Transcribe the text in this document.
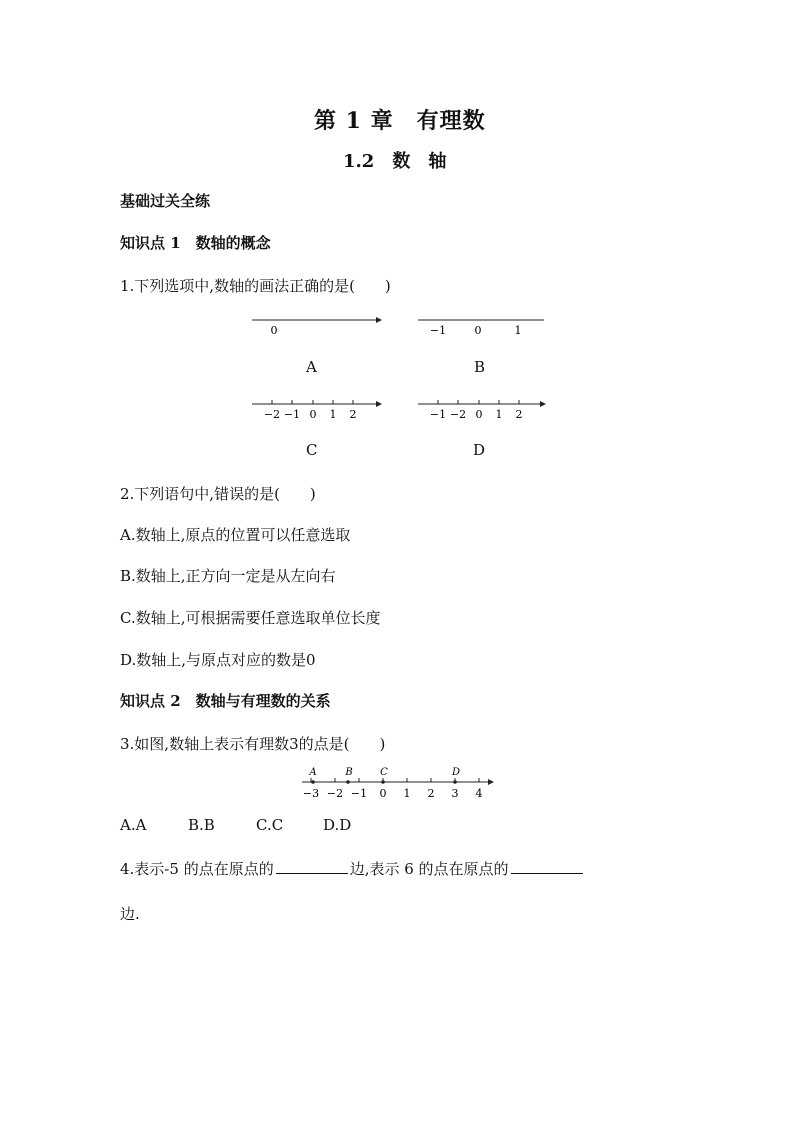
第 1 章　有理数
1.2　数　轴
基础过关全练
知识点 1　数轴的概念
1.下列选项中,数轴的画法正确的是(　　)
0	−1	0	1
−2 −1 0 1 2	−1 −2 0 1 2
A	B
C	D
2.下列语句中,错误的是(　　)
A.数轴上,原点的位置可以任意选取
B.数轴上,正方向一定是从左向右
C.数轴上,可根据需要任意选取单位长度
D.数轴上,与原点对应的数是0
知识点 2　数轴与有理数的关系
3.如图,数轴上表示有理数3的点是(　　)
A	B	C	D
−3 −2 −1 0 1 2 3 4
A.A	B.B	C.C	D.D
4.表示-5 的点在原点的	边,表示 6 的点在原点的
边.
